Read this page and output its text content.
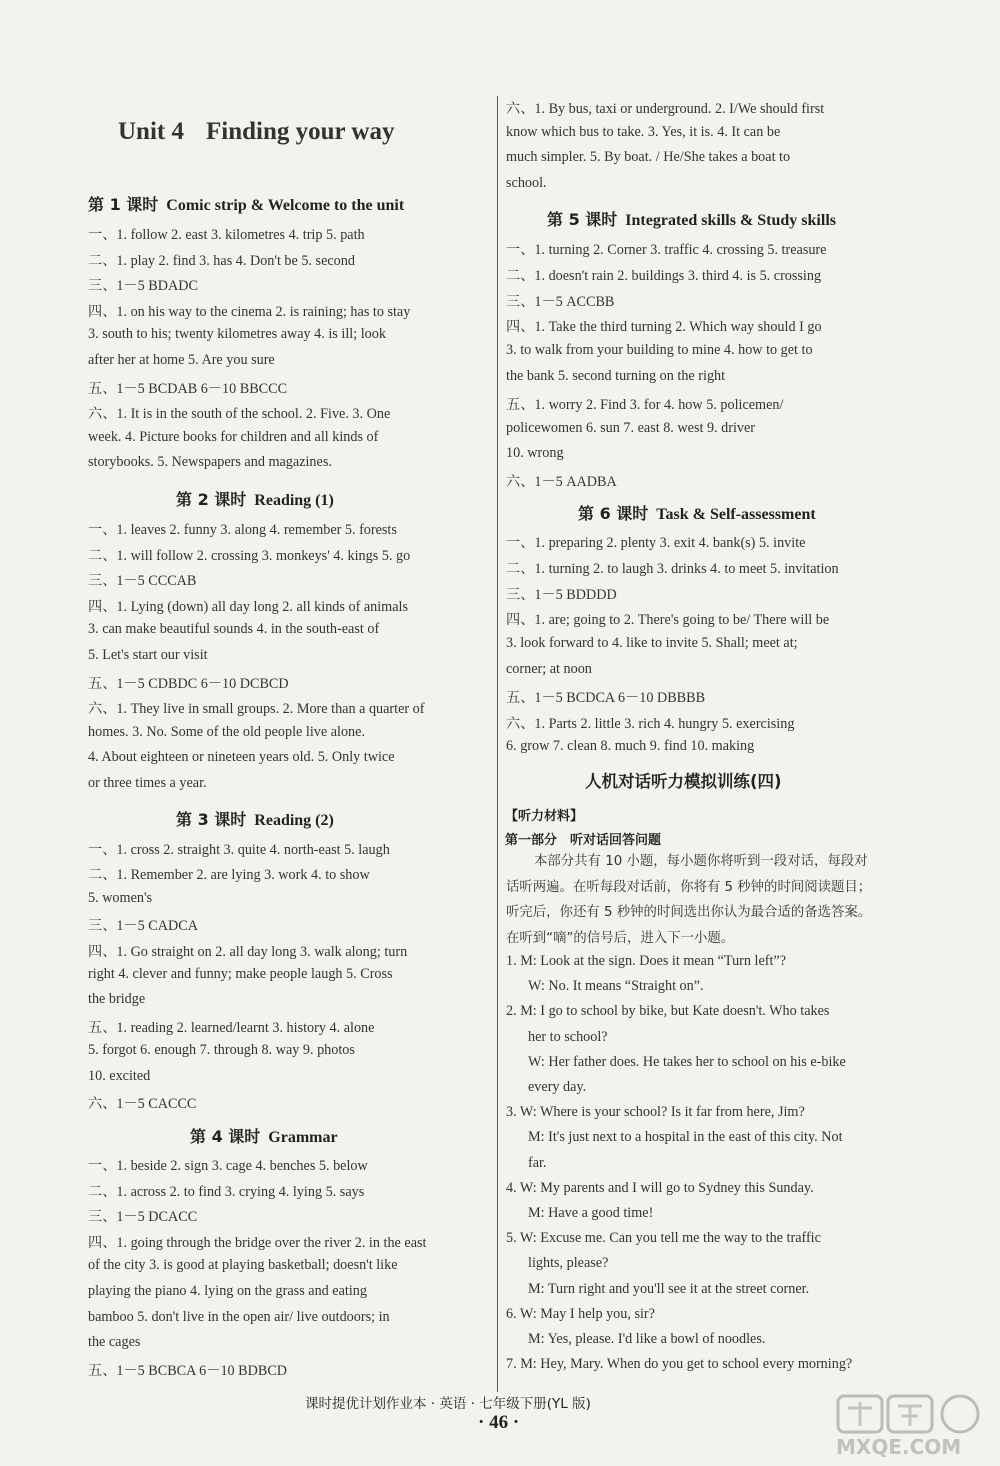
Unit 4 Finding your way
第 1 课时 Comic strip & Welcome to the unit
一、1. follow 2. east 3. kilometres 4. trip 5. path
二、1. play 2. find 3. has 4. Don't be 5. second
三、1－5 BDADC
四、1. on his way to the cinema 2. is raining; has to stay
3. south to his; twenty kilometres away 4. is ill; look
after her at home 5. Are you sure
五、1－5 BCDAB 6－10 BBCCC
六、1. It is in the south of the school. 2. Five. 3. One
week. 4. Picture books for children and all kinds of
storybooks. 5. Newspapers and magazines.
第 2 课时 Reading (1)
一、1. leaves 2. funny 3. along 4. remember 5. forests
二、1. will follow 2. crossing 3. monkeys' 4. kings 5. go
三、1－5 CCCAB
四、1. Lying (down) all day long 2. all kinds of animals
3. can make beautiful sounds 4. in the south-east of
5. Let's start our visit
五、1－5 CDBDC 6－10 DCBCD
六、1. They live in small groups. 2. More than a quarter of
homes. 3. No. Some of the old people live alone.
4. About eighteen or nineteen years old. 5. Only twice
or three times a year.
第 3 课时 Reading (2)
一、1. cross 2. straight 3. quite 4. north-east 5. laugh
二、1. Remember 2. are lying 3. work 4. to show
5. women's
三、1－5 CADCA
四、1. Go straight on 2. all day long 3. walk along; turn
right 4. clever and funny; make people laugh 5. Cross
the bridge
五、1. reading 2. learned/learnt 3. history 4. alone
5. forgot 6. enough 7. through 8. way 9. photos
10. excited
六、1－5 CACCC
第 4 课时 Grammar
一、1. beside 2. sign 3. cage 4. benches 5. below
二、1. across 2. to find 3. crying 4. lying 5. says
三、1－5 DCACC
四、1. going through the bridge over the river 2. in the east
of the city 3. is good at playing basketball; doesn't like
playing the piano 4. lying on the grass and eating
bamboo 5. don't live in the open air/ live outdoors; in
the cages
五、1－5 BCBCA 6－10 BDBCD
六、1. By bus, taxi or underground. 2. I/We should first
know which bus to take. 3. Yes, it is. 4. It can be
much simpler. 5. By boat. / He/She takes a boat to
school.
第 5 课时 Integrated skills & Study skills
一、1. turning 2. Corner 3. traffic 4. crossing 5. treasure
二、1. doesn't rain 2. buildings 3. third 4. is 5. crossing
三、1－5 ACCBB
四、1. Take the third turning 2. Which way should I go
3. to walk from your building to mine 4. how to get to
the bank 5. second turning on the right
五、1. worry 2. Find 3. for 4. how 5. policemen/
policewomen 6. sun 7. east 8. west 9. driver
10. wrong
六、1－5 AADBA
第 6 课时 Task & Self-assessment
一、1. preparing 2. plenty 3. exit 4. bank(s) 5. invite
二、1. turning 2. to laugh 3. drinks 4. to meet 5. invitation
三、1－5 BDDDD
四、1. are; going to 2. There's going to be/ There will be
3. look forward to 4. like to invite 5. Shall; meet at;
corner; at noon
五、1－5 BCDCA 6－10 DBBBB
六、1. Parts 2. little 3. rich 4. hungry 5. exercising
6. grow 7. clean 8. much 9. find 10. making
人机对话听力模拟训练(四)
【听力材料】
第一部分　听对话回答问题
本部分共有 10 小题，每小题你将听到一段对话，每段对
话听两遍。在听每段对话前，你将有 5 秒钟的时间阅读题目；
听完后，你还有 5 秒钟的时间选出你认为最合适的备选答案。
在听到“嘀”的信号后，进入下一小题。
1. M: Look at the sign. Does it mean “Turn left”?
W: No. It means “Straight on”.
2. M: I go to school by bike, but Kate doesn't. Who takes
her to school?
W: Her father does. He takes her to school on his e-bike
every day.
3. W: Where is your school? Is it far from here, Jim?
M: It's just next to a hospital in the east of this city. Not
far.
4. W: My parents and I will go to Sydney this Sunday.
M: Have a good time!
5. W: Excuse me. Can you tell me the way to the traffic
lights, please?
M: Turn right and you'll see it at the street corner.
6. W: May I help you, sir?
M: Yes, please. I'd like a bowl of noodles.
7. M: Hey, Mary. When do you get to school every morning?
课时提优计划作业本 · 英语 · 七年级下册(YL 版)
· 46 ·
MXQE.COM
